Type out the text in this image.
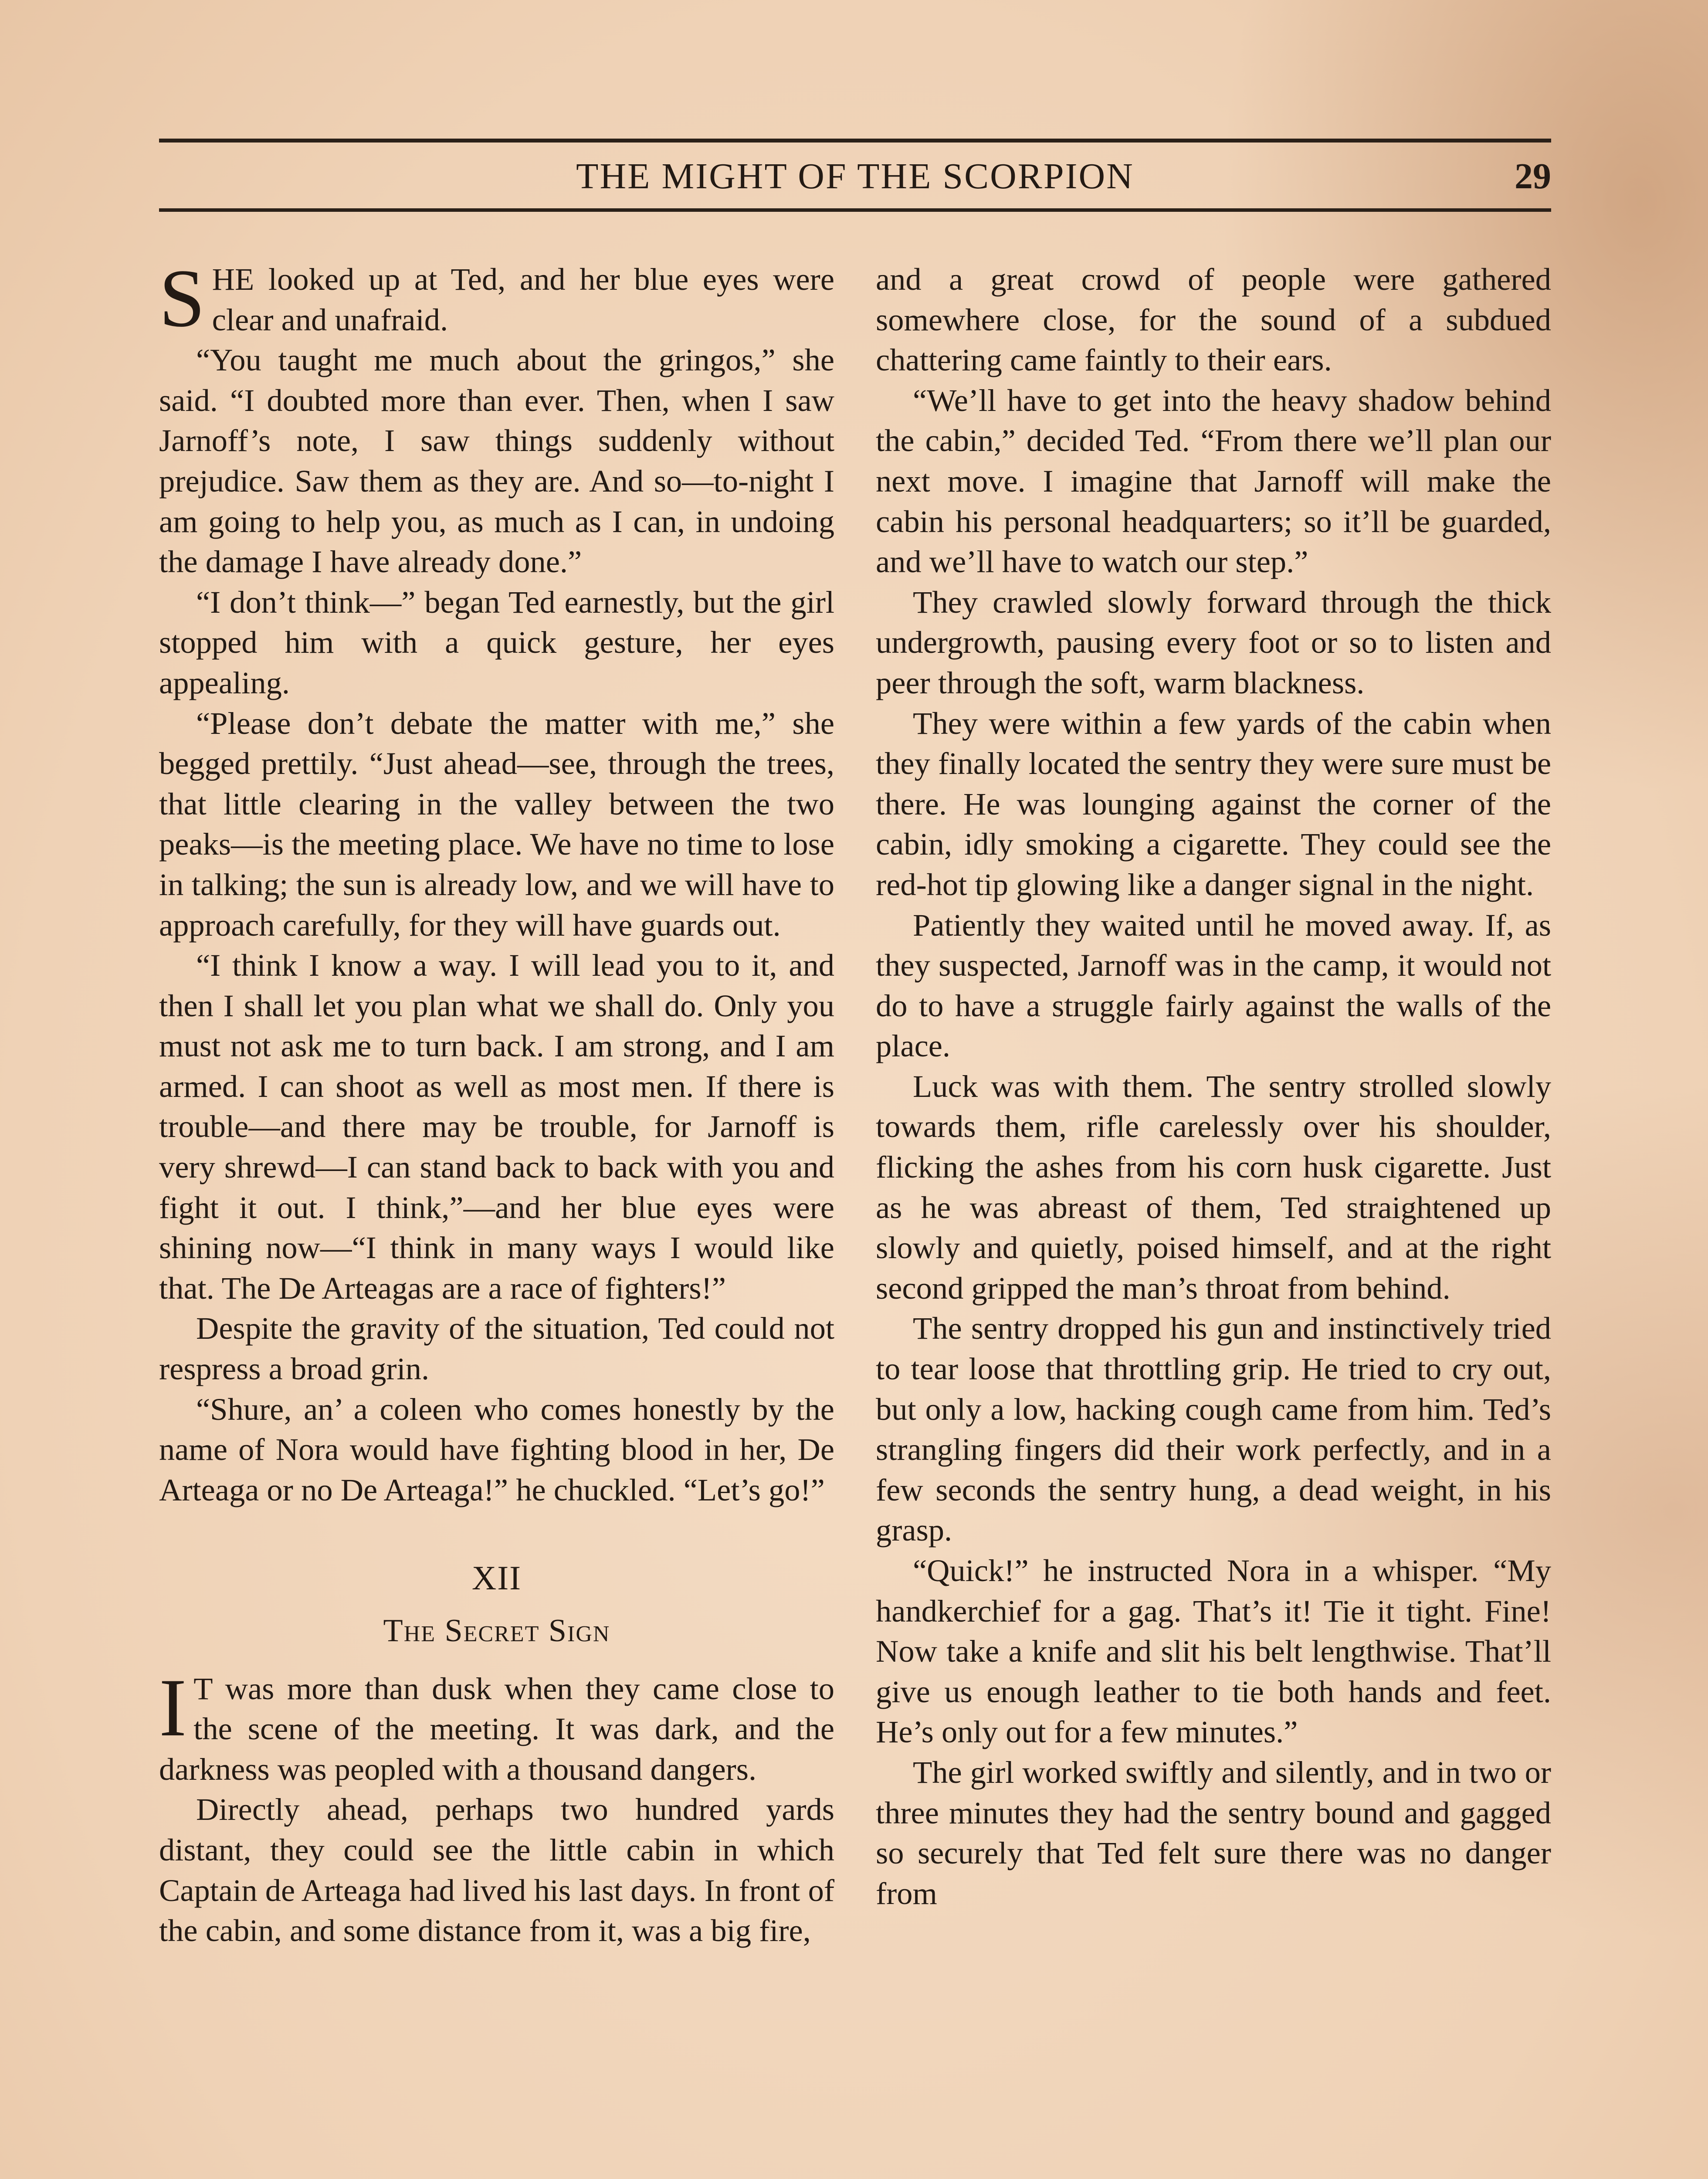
THE MIGHT OF THE SCORPION	29

SHE looked up at Ted, and her blue eyes were clear and unafraid.

“You taught me much about the gringos,” she said. “I doubted more than ever. Then, when I saw Jarnoff’s note, I saw things suddenly without prejudice. Saw them as they are. And so—to-night I am going to help you, as much as I can, in undoing the damage I have already done.”

“I don’t think—” began Ted earnestly, but the girl stopped him with a quick gesture, her eyes appealing.

“Please don’t debate the matter with me,” she begged prettily. “Just ahead—see, through the trees, that little clearing in the valley between the two peaks—is the meeting place. We have no time to lose in talking; the sun is already low, and we will have to approach carefully, for they will have guards out.

“I think I know a way. I will lead you to it, and then I shall let you plan what we shall do. Only you must not ask me to turn back. I am strong, and I am armed. I can shoot as well as most men. If there is trouble—and there may be trouble, for Jarnoff is very shrewd—I can stand back to back with you and fight it out. I think,”—and her blue eyes were shining now—“I think in many ways I would like that. The De Arteagas are a race of fighters!”

Despite the gravity of the situation, Ted could not respress a broad grin.

“Shure, an’ a coleen who comes honestly by the name of Nora would have fighting blood in her, De Arteaga or no De Arteaga!” he chuckled. “Let’s go!”

XII
The Secret Sign

I T was more than dusk when they came close to the scene of the meeting. It was dark, and the darkness was peopled with a thousand dangers.

Directly ahead, perhaps two hundred yards distant, they could see the little cabin in which Captain de Arteaga had lived his last days. In front of the cabin, and some distance from it, was a big fire,

and a great crowd of people were gathered somewhere close, for the sound of a subdued chattering came faintly to their ears.

“We’ll have to get into the heavy shadow behind the cabin,” decided Ted. “From there we’ll plan our next move. I imagine that Jarnoff will make the cabin his personal headquarters; so it’ll be guarded, and we’ll have to watch our step.”

They crawled slowly forward through the thick undergrowth, pausing every foot or so to listen and peer through the soft, warm blackness.

They were within a few yards of the cabin when they finally located the sentry they were sure must be there. He was lounging against the corner of the cabin, idly smoking a cigarette. They could see the red-hot tip glowing like a danger signal in the night.

Patiently they waited until he moved away. If, as they suspected, Jarnoff was in the camp, it would not do to have a struggle fairly against the walls of the place.

Luck was with them. The sentry strolled slowly towards them, rifle carelessly over his shoulder, flicking the ashes from his corn husk cigarette. Just as he was abreast of them, Ted straightened up slowly and quietly, poised himself, and at the right second gripped the man’s throat from behind.

The sentry dropped his gun and instinctively tried to tear loose that throttling grip. He tried to cry out, but only a low, hacking cough came from him. Ted’s strangling fingers did their work perfectly, and in a few seconds the sentry hung, a dead weight, in his grasp.

“Quick!” he instructed Nora in a whisper. “My handkerchief for a gag. That’s it! Tie it tight. Fine! Now take a knife and slit his belt lengthwise. That’ll give us enough leather to tie both hands and feet. He’s only out for a few minutes.”

The girl worked swiftly and silently, and in two or three minutes they had the sentry bound and gagged so securely that Ted felt sure there was no danger from
